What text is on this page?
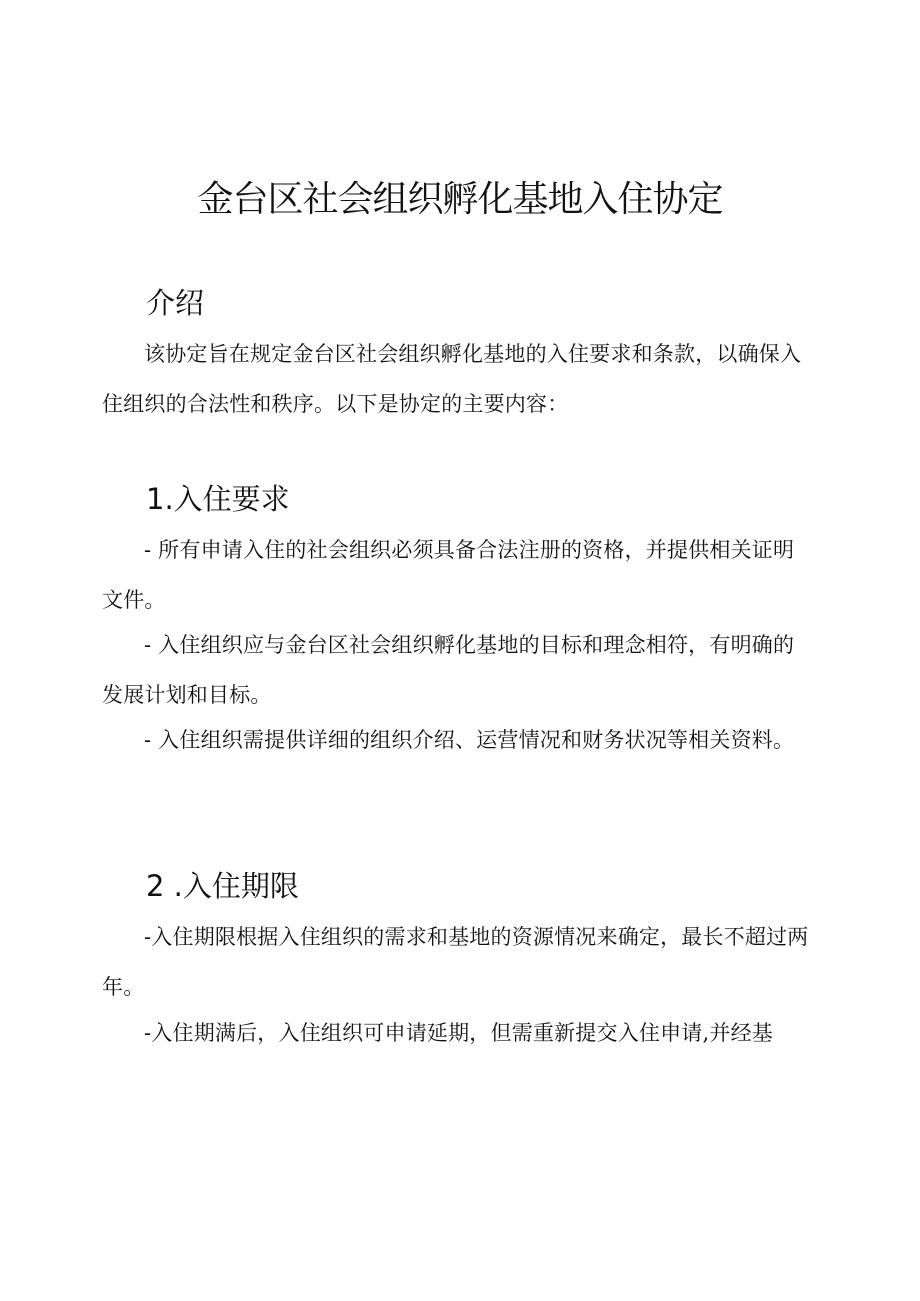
金台区社会组织孵化基地入住协定
介绍

该协定旨在规定金台区社会组织孵化基地的入住要求和条款，以确保入住组织的合法性和秩序。以下是协定的主要内容：

1.入住要求

- 所有申请入住的社会组织必须具备合法注册的资格，并提供相关证明文件。

- 入住组织应与金台区社会组织孵化基地的目标和理念相符，有明确的发展计划和目标。

- 入住组织需提供详细的组织介绍、运营情况和财务状况等相关资料。

2 .入住期限

-入住期限根据入住组织的需求和基地的资源情况来确定，最长不超过两年。

-入住期满后，入住组织可申请延期，但需重新提交入住申请,并经基
